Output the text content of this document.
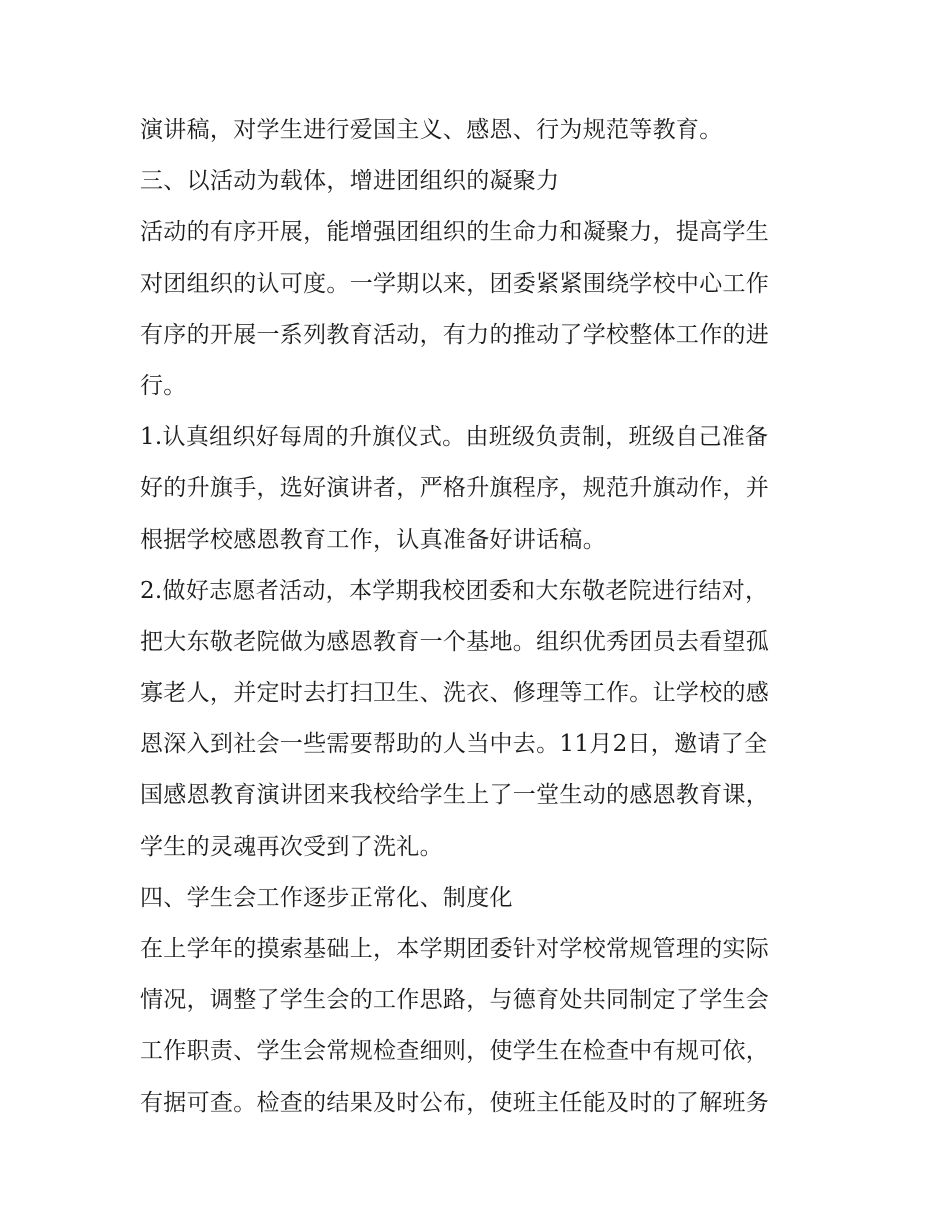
演讲稿，对学生进行爱国主义、感恩、行为规范等教育。
三、以活动为载体，增进团组织的凝聚力
活动的有序开展，能增强团组织的生命力和凝聚力，提高学生
对团组织的认可度。一学期以来，团委紧紧围绕学校中心工作
有序的开展一系列教育活动，有力的推动了学校整体工作的进
行。
1.认真组织好每周的升旗仪式。由班级负责制，班级自己准备
好的升旗手，选好演讲者，严格升旗程序，规范升旗动作，并
根据学校感恩教育工作，认真准备好讲话稿。
2.做好志愿者活动，本学期我校团委和大东敬老院进行结对，
把大东敬老院做为感恩教育一个基地。组织优秀团员去看望孤
寡老人，并定时去打扫卫生、洗衣、修理等工作。让学校的感
恩深入到社会一些需要帮助的人当中去。11月2日，邀请了全
国感恩教育演讲团来我校给学生上了一堂生动的感恩教育课，
学生的灵魂再次受到了洗礼。
四、学生会工作逐步正常化、制度化
在上学年的摸索基础上，本学期团委针对学校常规管理的实际
情况，调整了学生会的工作思路，与德育处共同制定了学生会
工作职责、学生会常规检查细则，使学生在检查中有规可依，
有据可查。检查的结果及时公布，使班主任能及时的了解班务
